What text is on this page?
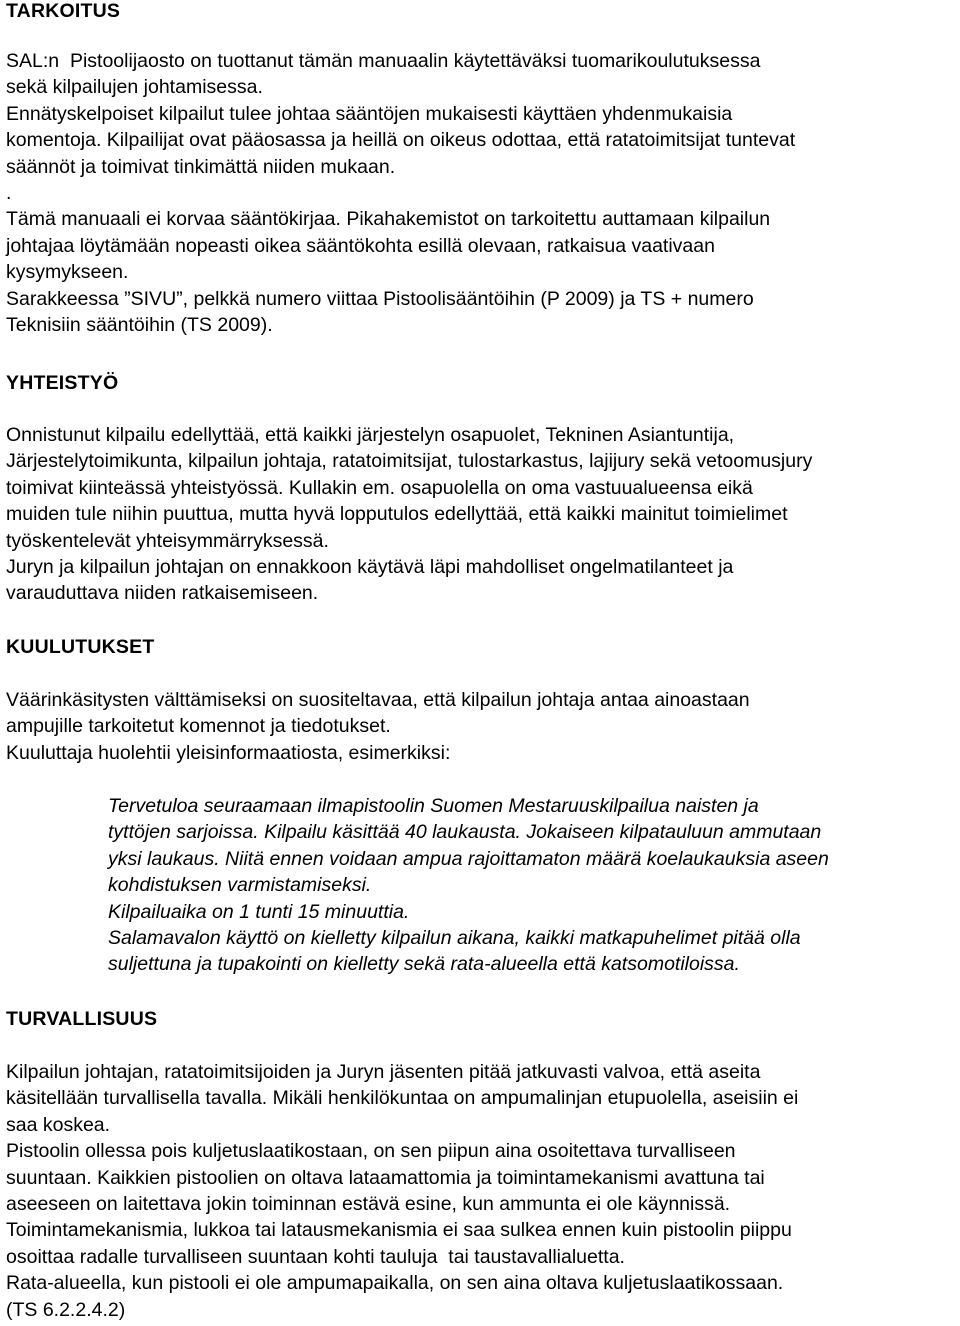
TARKOITUS

SAL:n  Pistoolijaosto on tuottanut tämän manuaalin käytettäväksi tuomarikoulutuksessa
sekä kilpailujen johtamisessa.

Ennätyskelpoiset kilpailut tulee johtaa sääntöjen mukaisesti käyttäen yhdenmukaisia
komentoja. Kilpailijat ovat pääosassa ja heillä on oikeus odottaa, että ratatoimitsijat tuntevat
säännöt ja toimivat tinkimättä niiden mukaan.

.

Tämä manuaali ei korvaa sääntökirjaa. Pikahakemistot on tarkoitettu auttamaan kilpailun
johtajaa löytämään nopeasti oikea sääntökohta esillä olevaan, ratkaisua vaativaan
kysymykseen.

Sarakkeessa ”SIVU”, pelkkä numero viittaa Pistoolisääntöihin (P 2009) ja TS + numero
Teknisiin sääntöihin (TS 2009).

YHTEISTYÖ

Onnistunut kilpailu edellyttää, että kaikki järjestelyn osapuolet, Tekninen Asiantuntija,
Järjestelytoimikunta, kilpailun johtaja, ratatoimitsijat, tulostarkastus, lajijury sekä vetoomusjury
toimivat kiinteässä yhteistyössä. Kullakin em. osapuolella on oma vastuualueensa eikä
muiden tule niihin puuttua, mutta hyvä lopputulos edellyttää, että kaikki mainitut toimielimet
työskentelevät yhteisymmärryksessä.

Juryn ja kilpailun johtajan on ennakkoon käytävä läpi mahdolliset ongelmatilanteet ja
varauduttava niiden ratkaisemiseen.

KUULUTUKSET

Väärinkäsitysten välttämiseksi on suositeltavaa, että kilpailun johtaja antaa ainoastaan
ampujille tarkoitetut komennot ja tiedotukset.

Kuuluttaja huolehtii yleisinformaatiosta, esimerkiksi:

Tervetuloa seuraamaan ilmapistoolin Suomen Mestaruuskilpailua naisten ja
tyttöjen sarjoissa. Kilpailu käsittää 40 laukausta. Jokaiseen kilpatauluun ammutaan
yksi laukaus. Niitä ennen voidaan ampua rajoittamaton määrä koelaukauksia aseen
kohdistuksen varmistamiseksi.

Kilpailuaika on 1 tunti 15 minuuttia.

Salamavalon käyttö on kielletty kilpailun aikana, kaikki matkapuhelimet pitää olla
suljettuna ja tupakointi on kielletty sekä rata-alueella että katsomotiloissa.

TURVALLISUUS

Kilpailun johtajan, ratatoimitsijoiden ja Juryn jäsenten pitää jatkuvasti valvoa, että aseita
käsitellään turvallisella tavalla. Mikäli henkilökuntaa on ampumalinjan etupuolella, aseisiin ei
saa koskea.

Pistoolin ollessa pois kuljetuslaatikostaan, on sen piipun aina osoitettava turvalliseen
suuntaan. Kaikkien pistoolien on oltava lataamattomia ja toimintamekanismi avattuna tai
aseeseen on laitettava jokin toiminnan estävä esine, kun ammunta ei ole käynnissä.

Toimintamekanismia, lukkoa tai latausmekanismia ei saa sulkea ennen kuin pistoolin piippu
osoittaa radalle turvalliseen suuntaan kohti tauluja  tai taustavallialuetta.

Rata-alueella, kun pistooli ei ole ampumapaikalla, on sen aina oltava kuljetuslaatikossaan.
(TS 6.2.2.4.2)
